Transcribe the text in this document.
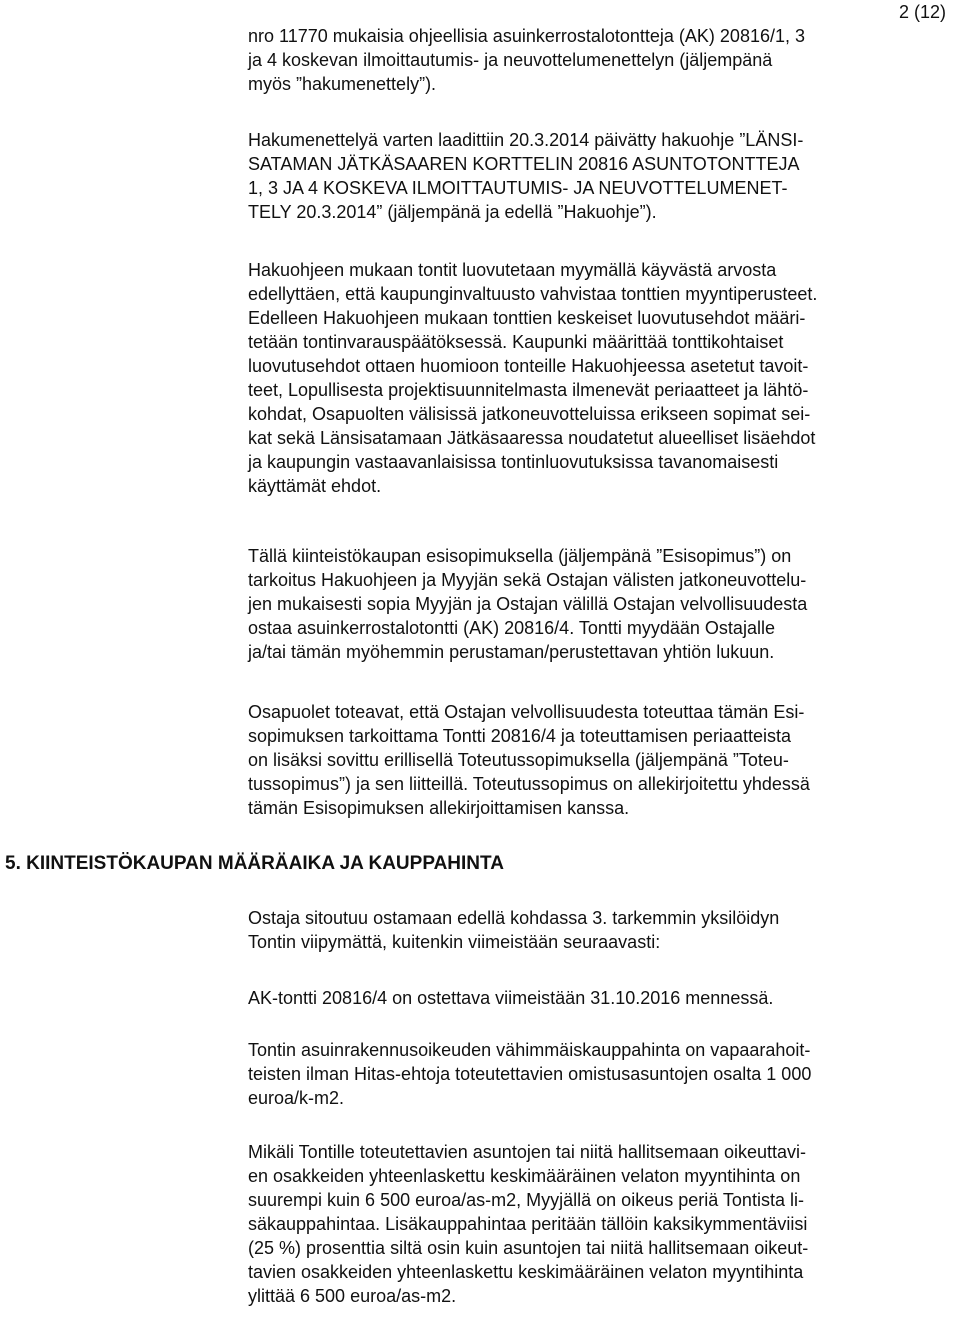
2 (12)
nro 11770 mukaisia ohjeellisia asuinkerrostalotontteja (AK) 20816/1, 3
ja 4 koskevan ilmoittautumis- ja neuvottelumenettelyn (jäljempänä
myös ”hakumenettely”).
Hakumenettelyä varten laadittiin 20.3.2014 päivätty hakuohje ”LÄNSI-
SATAMAN JÄTKÄSAAREN KORTTELIN 20816 ASUNTOTONTTEJA
1, 3 JA 4 KOSKEVA ILMOITTAUTUMIS- JA NEUVOTTELUMENET-
TELY 20.3.2014” (jäljempänä ja edellä ”Hakuohje”).
Hakuohjeen mukaan tontit luovutetaan myymällä käyvästä arvosta
edellyttäen, että kaupunginvaltuusto vahvistaa tonttien myyntiperusteet.
Edelleen Hakuohjeen mukaan tonttien keskeiset luovutusehdot määri-
tetään tontinvarauspäätöksessä. Kaupunki määrittää tonttikohtaiset
luovutusehdot ottaen huomioon tonteille Hakuohjeessa asetetut tavoit-
teet, Lopullisesta projektisuunnitelmasta ilmenevät periaatteet ja lähtö-
kohdat, Osapuolten välisissä jatkoneuvotteluissa erikseen sopimat sei-
kat sekä Länsisatamaan Jätkäsaaressa noudatetut alueelliset lisäehdot
ja kaupungin vastaavanlaisissa tontinluovutuksissa tavanomaisesti
käyttämät ehdot.
Tällä kiinteistökaupan esisopimuksella (jäljempänä ”Esisopimus”) on
tarkoitus Hakuohjeen ja Myyjän sekä Ostajan välisten jatkoneuvottelu-
jen mukaisesti sopia Myyjän ja Ostajan välillä Ostajan velvollisuudesta
ostaa asuinkerrostalotontti (AK) 20816/4. Tontti myydään Ostajalle
ja/tai tämän myöhemmin perustaman/perustettavan yhtiön lukuun.
Osapuolet toteavat, että Ostajan velvollisuudesta toteuttaa tämän Esi-
sopimuksen tarkoittama Tontti 20816/4 ja toteuttamisen periaatteista
on lisäksi sovittu erillisellä Toteutussopimuksella (jäljempänä ”Toteu-
tussopimus”) ja sen liitteillä. Toteutussopimus on allekirjoitettu yhdessä
tämän Esisopimuksen allekirjoittamisen kanssa.
5. KIINTEISTÖKAUPAN MÄÄRÄAIKA JA KAUPPAHINTA
Ostaja sitoutuu ostamaan edellä kohdassa 3. tarkemmin yksilöidyn
Tontin viipymättä, kuitenkin viimeistään seuraavasti:
AK-tontti 20816/4 on ostettava viimeistään 31.10.2016 mennessä.
Tontin asuinrakennusoikeuden vähimmäiskauppahinta on vapaarahoit-
teisten ilman Hitas-ehtoja toteutettavien omistusasuntojen osalta 1 000
euroa/k-m2.
Mikäli Tontille toteutettavien asuntojen tai niitä hallitsemaan oikeuttavi-
en osakkeiden yhteenlaskettu keskimääräinen velaton myyntihinta on
suurempi kuin 6 500 euroa/as-m2, Myyjällä on oikeus periä Tontista li-
säkauppahintaa. Lisäkauppahintaa peritään tällöin kaksikymmentäviisi
(25 %) prosenttia siltä osin kuin asuntojen tai niitä hallitsemaan oikeut-
tavien osakkeiden yhteenlaskettu keskimääräinen velaton myyntihinta
ylittää 6 500 euroa/as-m2.
